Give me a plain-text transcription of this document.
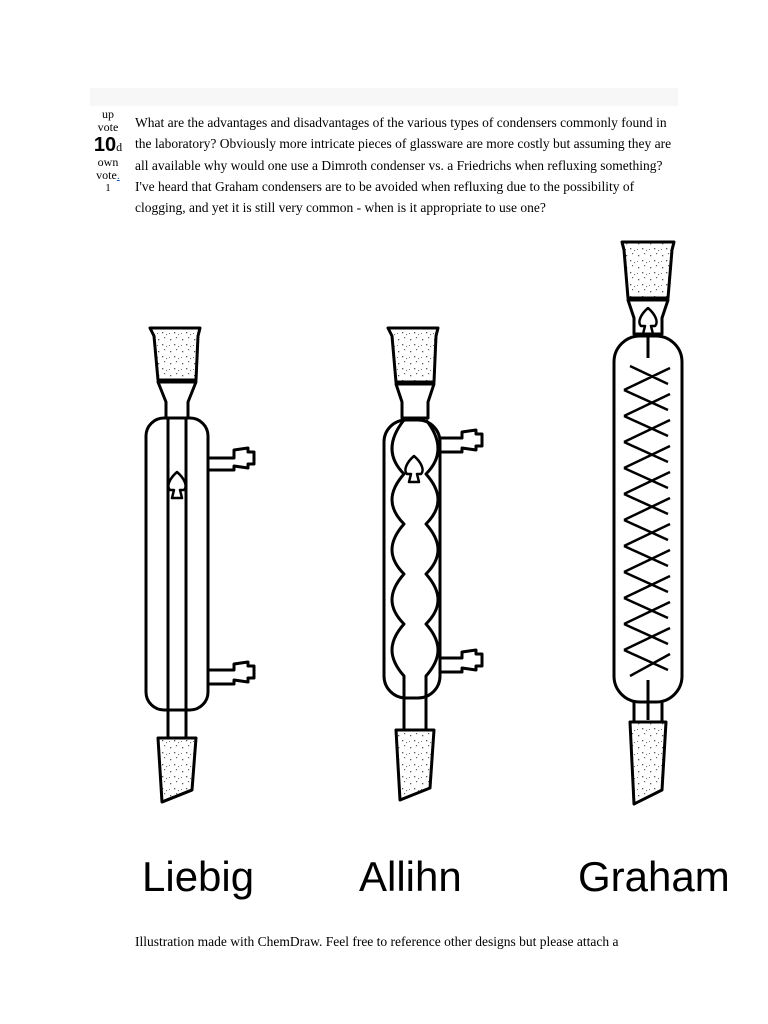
up
vote
10d
own
vote.
1

What are the advantages and disadvantages of the various types of condensers commonly found in the laboratory? Obviously more intricate pieces of glassware are more costly but assuming they are all available why would one use a Dimroth condenser vs. a Friedrichs when refluxing something? I've heard that Graham condensers are to be avoided when refluxing due to the possibility of clogging, and yet it is still very common - when is it appropriate to use one?

Liebig Allihn	Graham

Illustration made with ChemDraw. Feel free to reference other designs but please attach a
